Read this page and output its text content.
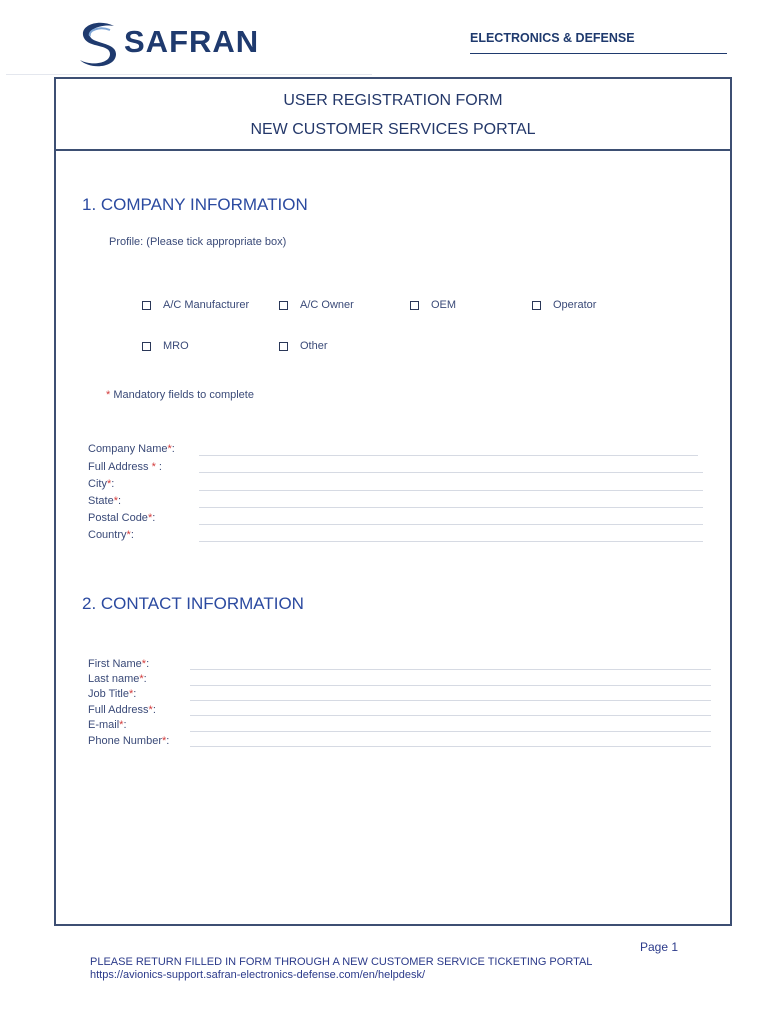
SAFRAN	ELECTRONICS & DEFENSE
USER REGISTRATION FORM
NEW CUSTOMER SERVICES PORTAL
1. COMPANY INFORMATION
Profile: (Please tick appropriate box)
A/C Manufacturer	A/C Owner	OEM	Operator
MRO	Other
* Mandatory fields to complete
Company Name*:
Full Address * :
City*:
State*:
Postal Code*:
Country*:
2. CONTACT INFORMATION
First Name*:
Last name*:
Job Title*:
Full Address*:
E-mail*:
Phone Number*:
Page 1
PLEASE RETURN FILLED IN FORM THROUGH A NEW CUSTOMER SERVICE TICKETING PORTAL
https://avionics-support.safran-electronics-defense.com/en/helpdesk/
